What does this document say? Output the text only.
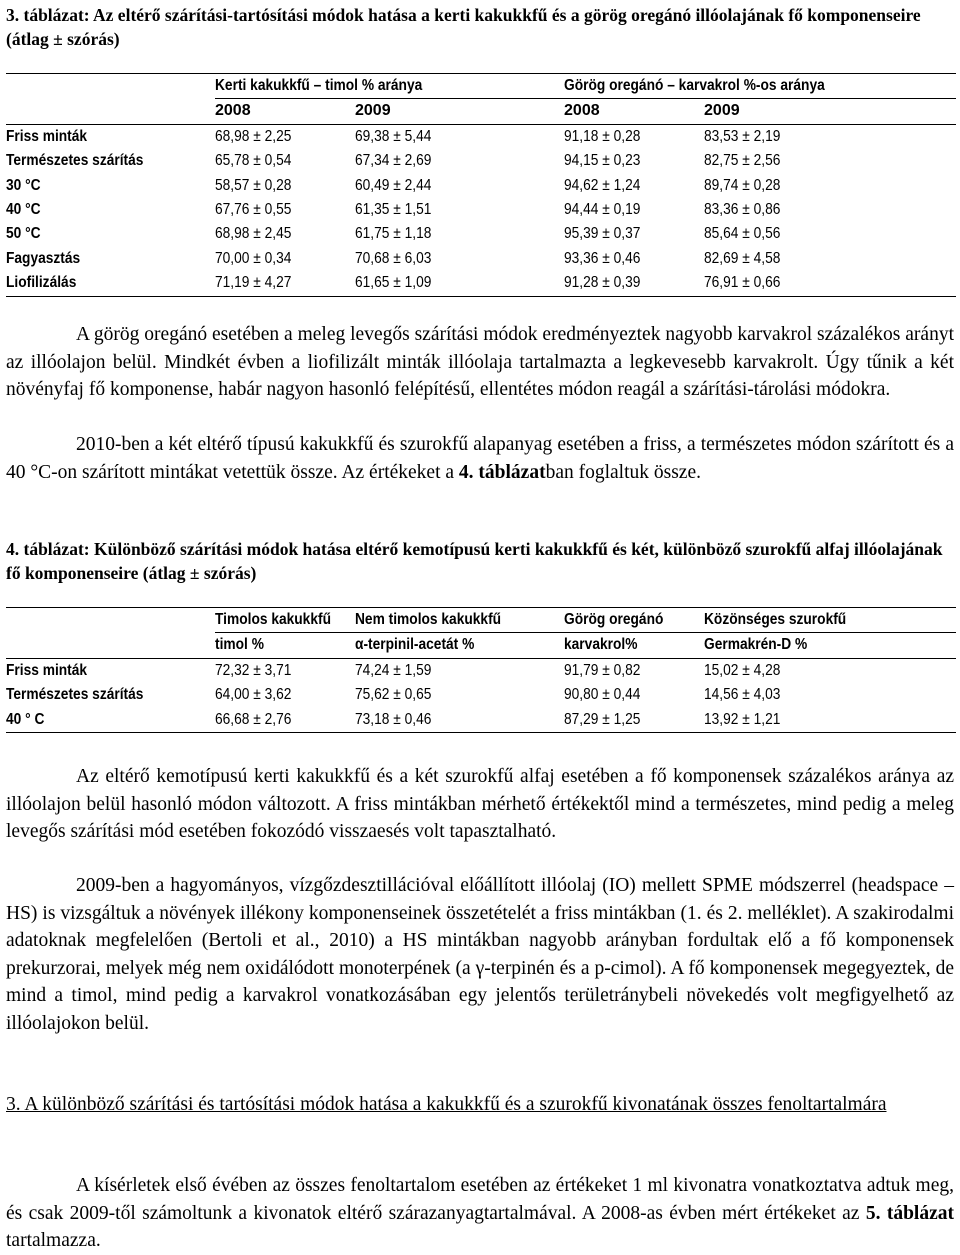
3. táblázat: Az eltérő szárítási-tartósítási módok hatása a kerti kakukkfű és a görög oregánó illóolajának fő komponenseire (átlag ± szórás)
	Kerti kakukkfű – timol % aránya		Görög oregánó – karvakrol %-os aránya	
	2008	2009	2008	2009
Friss minták	68,98 ± 2,25	69,38 ± 5,44	91,18 ± 0,28	83,53 ± 2,19
Természetes szárítás	65,78 ± 0,54	67,34 ± 2,69	94,15 ± 0,23	82,75 ± 2,56
30 °C	58,57 ± 0,28	60,49 ± 2,44	94,62 ± 1,24	89,74 ± 0,28
40 °C	67,76 ± 0,55	61,35 ± 1,51	94,44 ± 0,19	83,36 ± 0,86
50 °C	68,98 ± 2,45	61,75 ± 1,18	95,39 ± 0,37	85,64 ± 0,56
Fagyasztás	70,00 ± 0,34	70,68 ± 6,03	93,36 ± 0,46	82,69 ± 4,58
Liofilizálás	71,19 ± 4,27	61,65 ± 1,09	91,28 ± 0,39	76,91 ± 0,66

A görög oregánó esetében a meleg levegős szárítási módok eredményeztek nagyobb karvakrol százalékos arányt az illóolajon belül. Mindkét évben a liofilizált minták illóolaja tartalmazta a legkevesebb karvakrolt. Úgy tűnik a két növényfaj fő komponense, habár nagyon hasonló felépítésű, ellentétes módon reagál a szárítási-tárolási módokra.

2010-ben a két eltérő típusú kakukkfű és szurokfű alapanyag esetében a friss, a természetes módon szárított és a 40 °C-on szárított mintákat vetettük össze. Az értékeket a 4. táblázatban foglaltuk össze.

4. táblázat: Különböző szárítási módok hatása eltérő kemotípusú kerti kakukkfű és két, különböző szurokfű alfaj illóolajának fő komponenseire (átlag ± szórás)
	Timolos kakukkfű	Nem timolos kakukkfű	Görög oregánó	Közönséges szurokfű
	timol %	α-terpinil-acetát %	karvakrol%	Germakrén-D %
Friss minták	72,32 ± 3,71	74,24 ± 1,59	91,79 ± 0,82	15,02 ± 4,28
Természetes szárítás	64,00 ± 3,62	75,62 ± 0,65	90,80 ± 0,44	14,56 ± 4,03
40 ° C	66,68 ± 2,76	73,18 ± 0,46	87,29 ± 1,25	13,92 ± 1,21

Az eltérő kemotípusú kerti kakukkfű és a két szurokfű alfaj esetében a fő komponensek százalékos aránya az illóolajon belül hasonló módon változott. A friss mintákban mérhető értékektől mind a természetes, mind pedig a meleg levegős szárítási mód esetében fokozódó visszaesés volt tapasztalható.

2009-ben a hagyományos, vízgőzdesztillációval előállított illóolaj (IO) mellett SPME módszerrel (headspace – HS) is vizsgáltuk a növények illékony komponenseinek összetételét a friss mintákban (1. és 2. melléklet). A szakirodalmi adatoknak megfelelően (Bertoli et al., 2010) a HS mintákban nagyobb arányban fordultak elő a fő komponensek prekurzorai, melyek még nem oxidálódott monoterpének (a γ-terpinén és a p-cimol). A fő komponensek megegyeztek, de mind a timol, mind pedig a karvakrol vonatkozásában egy jelentős területránybeli növekedés volt megfigyelhető az illóolajokon belül.

3. A különböző szárítási és tartósítási módok hatása a kakukkfű és a szurokfű kivonatának összes fenoltartalmára

A kísérletek első évében az összes fenoltartalom esetében az értékeket 1 ml kivonatra vonatkoztatva adtuk meg, és csak 2009-től számoltunk a kivonatok eltérő szárazanyagtartalmával. A 2008-as évben mért értékeket az 5. táblázat tartalmazza.
